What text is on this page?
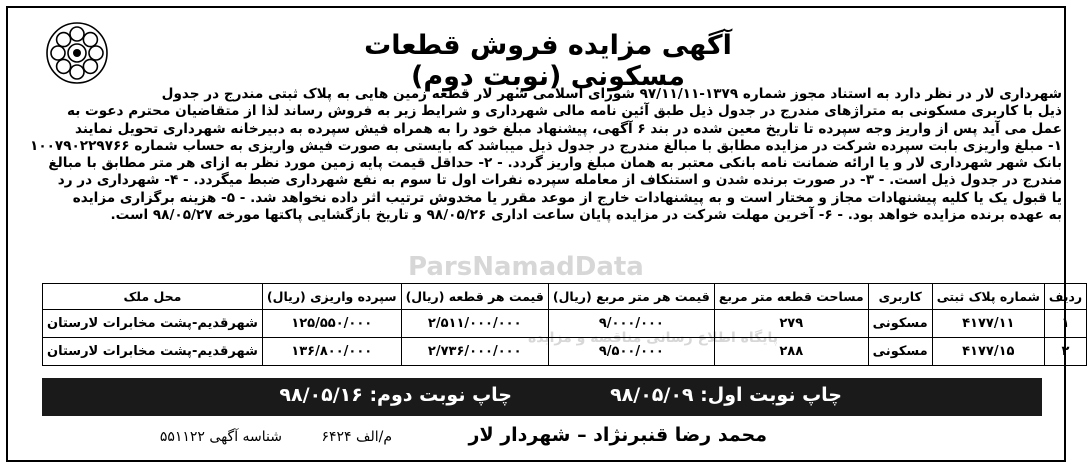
آگهی مزایده فروش قطعات مسکونی (نوبت دوم)
ParsNamadData
پایگاه اطلاع رسانی مناقصه و مزایده

شهرداری لار در نظر دارد به استناد مجوز شماره ۱۳۷۹-۹۷/۱۱/۱۱ شورای اسلامی شهر لار قطعه زمین هایی به پلاک ثبتی مندرج در جدول

ذیل با کاربری مسکونی به متراژهای مندرج در جدول ذیل طبق آئین نامه مالی شهرداری و شرایط زیر به فروش رساند لذا از متقاضیان محترم دعوت به

عمل می آید پس از واریز وجه سپرده تا تاریخ معین شده در بند ۶ آگهی، پیشنهاد مبلغ خود را به همراه فیش سپرده به دبیرخانه شهرداری تحویل نمایند

۱- مبلغ واریزی بابت سپرده شرکت در مزایده مطابق با مبالغ مندرج در جدول ذیل میباشد که بایستی به صورت فیش واریزی به حساب شماره ۱۰۰۷۹۰۲۲۹۷۶۶

بانک شهر شهرداری لار و یا ارائه ضمانت نامه بانکی معتبر به همان مبلغ واریز گردد. - ۲- حداقل قیمت پایه زمین مورد نظر به ازای هر متر مطابق با مبالغ

مندرج در جدول ذیل است. - ۳- در صورت برنده شدن و استنکاف از معامله سپرده نفرات اول تا سوم به نفع شهرداری ضبط میگردد. - ۴- شهرداری در رد

یا قبول یک یا کلیه پیشنهادات مجاز و مختار است و به پیشنهادات خارج از موعد مقرر یا مخدوش ترتیب اثر داده نخواهد شد. - ۵- هزینه برگزاری مزایده

به عهده برنده مزایده خواهد بود. - ۶- آخرین مهلت شرکت در مزایده پایان ساعت اداری ۹۸/۰۵/۲۶ و تاریخ بازگشایی پاکتها مورخه ۹۸/۰۵/۲۷ است.

ردیف	شماره پلاک ثبتی	کاربری	مساحت قطعه متر مربع	قیمت هر متر مربع (ریال)	قیمت هر قطعه (ریال)	سپرده واریزی (ریال)	محل ملک
۱	۴۱۷۷/۱۱	مسکونی	۲۷۹	۹/۰۰۰/۰۰۰	۲/۵۱۱/۰۰۰/۰۰۰	۱۲۵/۵۵۰/۰۰۰	شهرقدیم-پشت مخابرات لارستان
۲	۴۱۷۷/۱۵	مسکونی	۲۸۸	۹/۵۰۰/۰۰۰	۲/۷۳۶/۰۰۰/۰۰۰	۱۳۶/۸۰۰/۰۰۰	شهرقدیم-پشت مخابرات لارستان
چاپ نوبت اول: ۹۸/۰۵/۰۹
چاپ نوبت دوم: ۹۸/۰۵/۱۶
محمد رضا قنبرنژاد – شهردار لار
م/الف ۶۴۲۴
شناسه آگهی ۵۵۱۱۲۲
